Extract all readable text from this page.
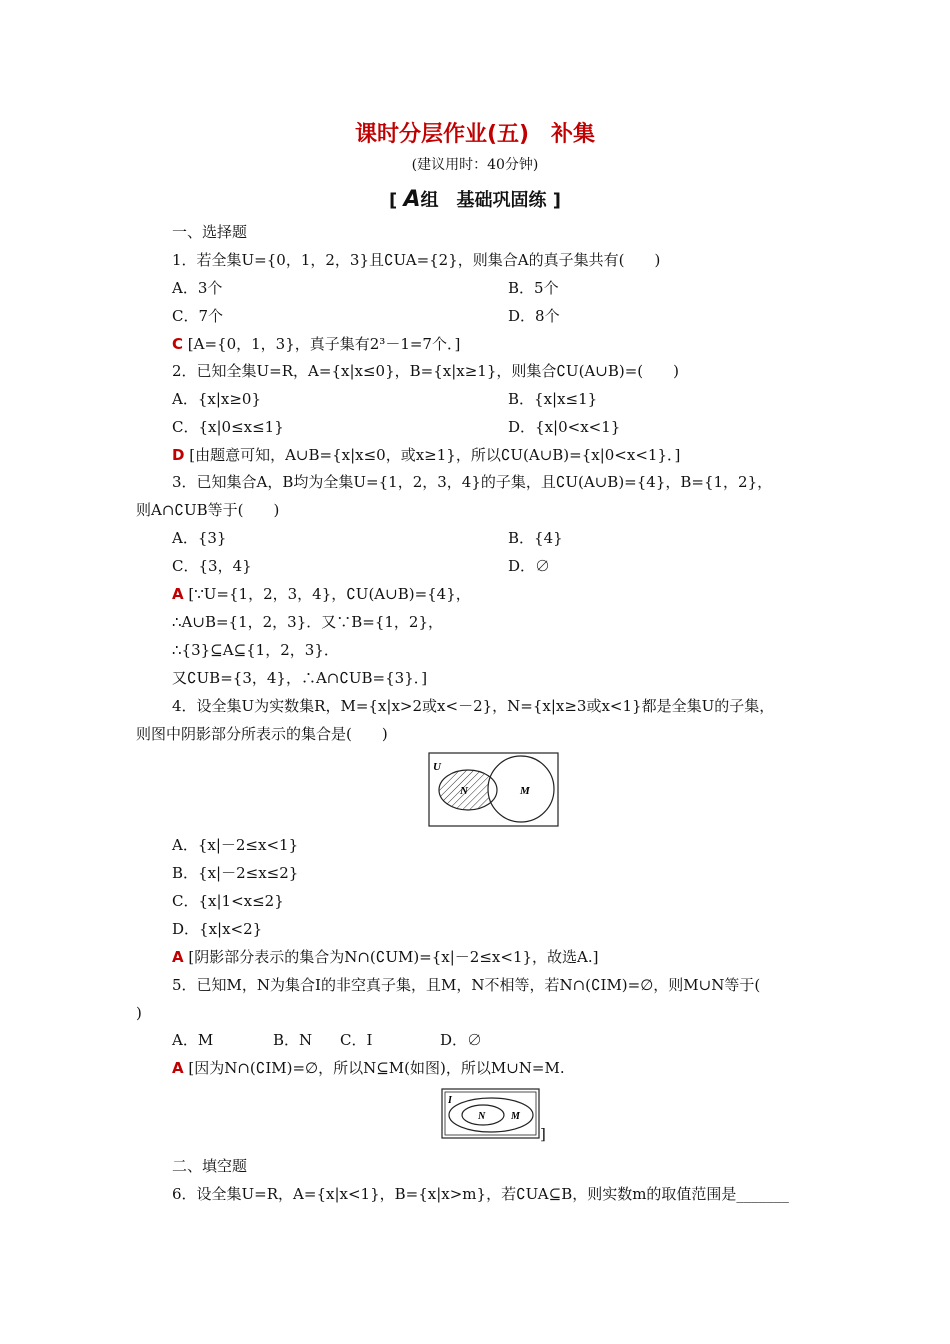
课时分层作业(五)　补集
(建议用时：40分钟)
[ A组　基础巩固练 ]
一、选择题
1．若全集U={0，1，2，3}且∁UA={2}，则集合A的真子集共有(　　)
A．3个	B．5个
C．7个	D．8个
C [A={0，1，3}，真子集有2³－1=7个．]
2．已知全集U=R，A={x|x≤0}，B={x|x≥1}，则集合∁U(A∪B)=(　　)
A．{x|x≥0}	B．{x|x≤1}
C．{x|0≤x≤1}	D．{x|0<x<1}
D [由题意可知，A∪B={x|x≤0，或x≥1}，所以∁U(A∪B)={x|0<x<1}．]
3．已知集合A，B均为全集U={1，2，3，4}的子集，且∁U(A∪B)={4}，B={1，2}，
则A∩∁UB等于(　　)
A．{3}	B．{4}
C．{3，4}	D．∅
A [∵U={1，2，3，4}，∁U(A∪B)={4}，
∴A∪B={1，2，3}．又∵B={1，2}，
∴{3}⊆A⊆{1，2，3}．
又∁UB={3，4}，∴A∩∁UB={3}．]
4．设全集U为实数集R，M={x|x>2或x<－2}，N={x|x≥3或x<1}都是全集U的子集，
则图中阴影部分所表示的集合是(　　)
U
N	M
A．{x|－2≤x<1}
B．{x|－2≤x≤2}
C．{x|1<x≤2}
D．{x|x<2}
A [阴影部分表示的集合为N∩(∁UM)={x|－2≤x<1}，故选A.]
5．已知M，N为集合I的非空真子集，且M，N不相等，若N∩(∁IM)=∅，则M∪N等于(
)
A．M	B．N C．I	D．∅
A [因为N∩(∁IM)=∅，所以N⊆M(如图)，所以M∪N=M.
I
N	M
]
二、填空题
6．设全集U=R，A={x|x<1}，B={x|x>m}，若∁UA⊆B，则实数m的取值范围是_______
